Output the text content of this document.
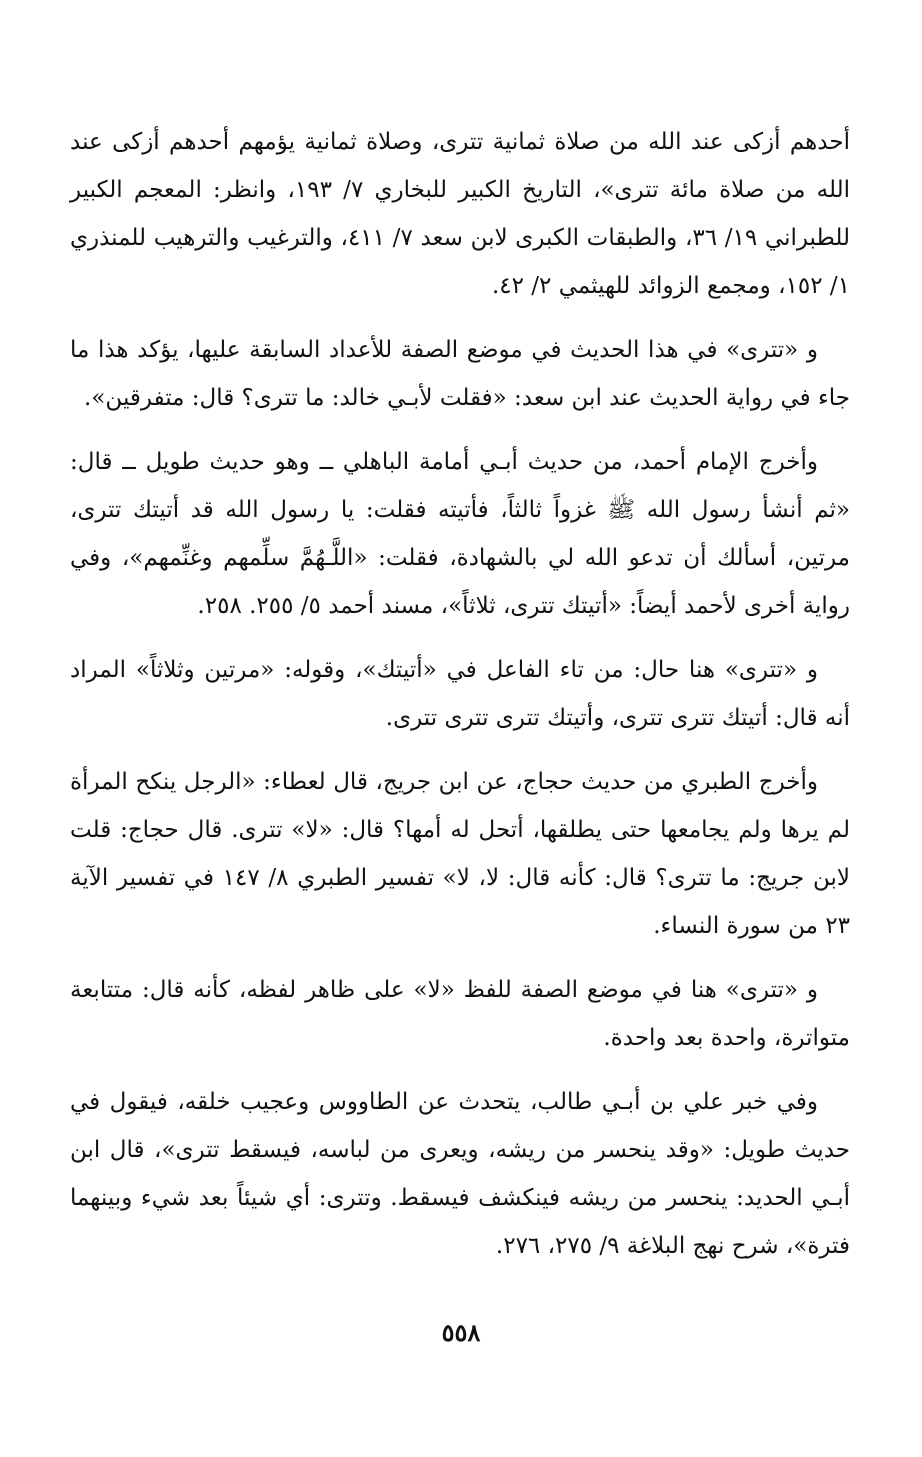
أحدهم أزكى عند الله من صلاة ثمانية تترى، وصلاة ثمانية يؤمهم أحدهم أزكى عند الله من صلاة مائة تترى»، التاريخ الكبير للبخاري ٧/ ١٩٣، وانظر: المعجم الكبير للطبراني ١٩/ ٣٦، والطبقات الكبرى لابن سعد ٧/ ٤١١، والترغيب والترهيب للمنذري ١/ ١٥٢، ومجمع الزوائد للهيثمي ٢/ ٤٢.

و «تترى» في هذا الحديث في موضع الصفة للأعداد السابقة عليها، يؤكد هذا ما جاء في رواية الحديث عند ابن سعد: «فقلت لأبـي خالد: ما تترى؟ قال: متفرقين».

وأخرج الإمام أحمد، من حديث أبـي أمامة الباهلي ــ وهو حديث طويل ــ قال: «ثم أنشأ رسول الله ﷺ غزواً ثالثاً، فأتيته فقلت: يا رسول الله قد أتيتك تترى، مرتين، أسألك أن تدعو الله لي بالشهادة، فقلت: «اللَّـهُمَّ سلِّمهم وغنِّمهم»، وفي رواية أخرى لأحمد أيضاً: «أتيتك تترى، ثلاثاً»، مسند أحمد ٥/ ٢٥٥. ٢٥٨.

و «تترى» هنا حال: من تاء الفاعل في «أتيتك»، وقوله: «مرتين وثلاثاً» المراد أنه قال: أتيتك تترى تترى، وأتيتك تترى تترى تترى.

وأخرج الطبري من حديث حجاج، عن ابن جريج، قال لعطاء: «الرجل ينكح المرأة لم يرها ولم يجامعها حتى يطلقها، أتحل له أمها؟ قال: «لا» تترى. قال حجاج: قلت لابن جريج: ما تترى؟ قال: كأنه قال: لا، لا» تفسير الطبري ٨/ ١٤٧ في تفسير الآية ٢٣ من سورة النساء.

و «تترى» هنا في موضع الصفة للفظ «لا» على ظاهر لفظه، كأنه قال: متتابعة متواترة، واحدة بعد واحدة.

وفي خبر علي بن أبـي طالب، يتحدث عن الطاووس وعجيب خلقه، فيقول في حديث طويل: «وقد ينحسر من ريشه، ويعرى من لباسه، فيسقط تترى»، قال ابن أبـي الحديد: ينحسر من ريشه فينكشف فيسقط. وتترى: أي شيئاً بعد شيء وبينهما فترة»، شرح نهج البلاغة ٩/ ٢٧٥، ٢٧٦.

٥٥٨
